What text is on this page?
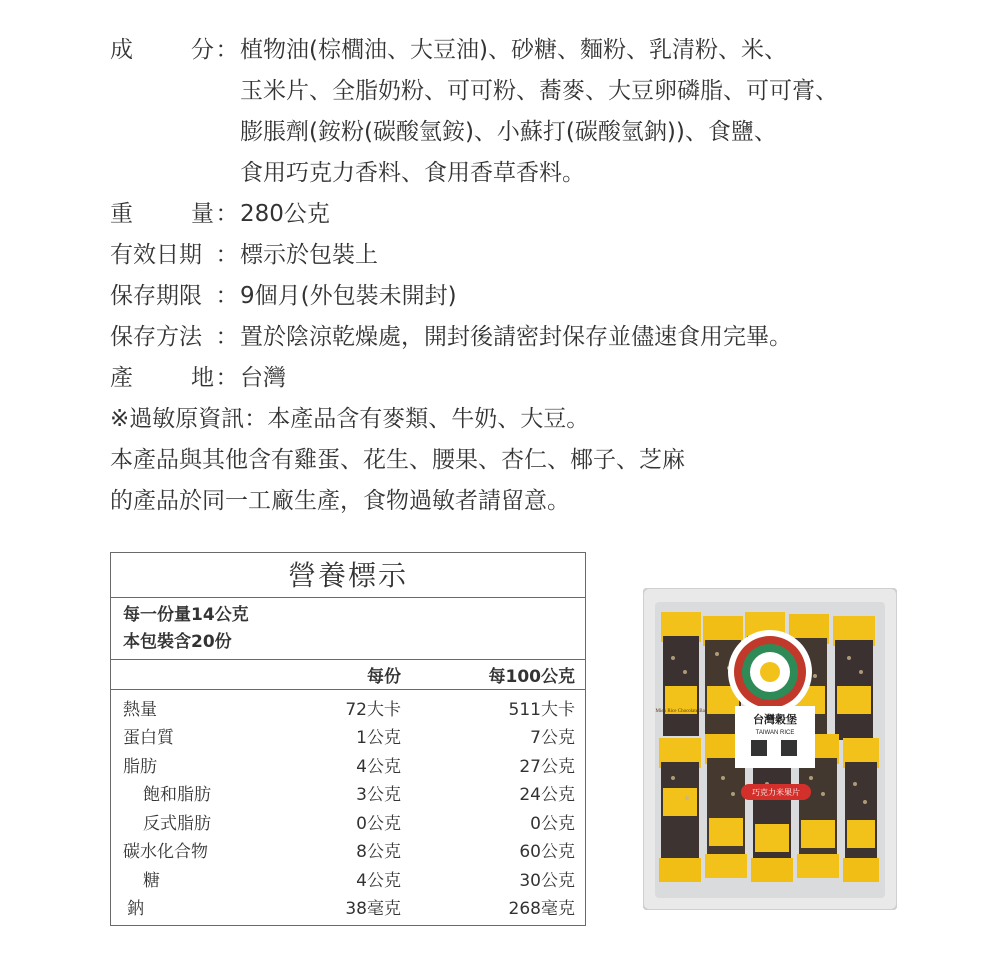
成	分 ： 植物油(棕櫚油、大豆油)、砂糖、麵粉、乳清粉、米、
玉米片、全脂奶粉、可可粉、蕎麥、大豆卵磷脂、可可膏、
膨脹劑(銨粉(碳酸氫銨)、小蘇打(碳酸氫鈉))、食鹽、
食用巧克力香料、食用香草香料。
重	量 ： 280公克
有效日期 ： 標示於包裝上
保存期限 ： 9個月(外包裝未開封)
保存方法 ： 置於陰涼乾燥處，開封後請密封保存並儘速食用完畢。
產	地 ： 台灣
※過敏原資訊：本產品含有麥類、牛奶、大豆。
本產品與其他含有雞蛋、花生、腰果、杏仁、椰子、芝麻
的產品於同一工廠生產，食物過敏者請留意。
營養標示
每一份量14公克
本包裝含20份
每份	每100公克
熱量	72大卡	511大卡
蛋白質	1公克	7公克
脂肪	4公克	27公克
飽和脂肪	3公克	24公克
反式脂肪	0公克	0公克
碳水化合物	8公克	60公克
糖	4公克	30公克
鈉	38毫克	268毫克
台灣穀堡
TAIWAN RICE
巧克力米果片
Mien Rice Chocolate Bar
